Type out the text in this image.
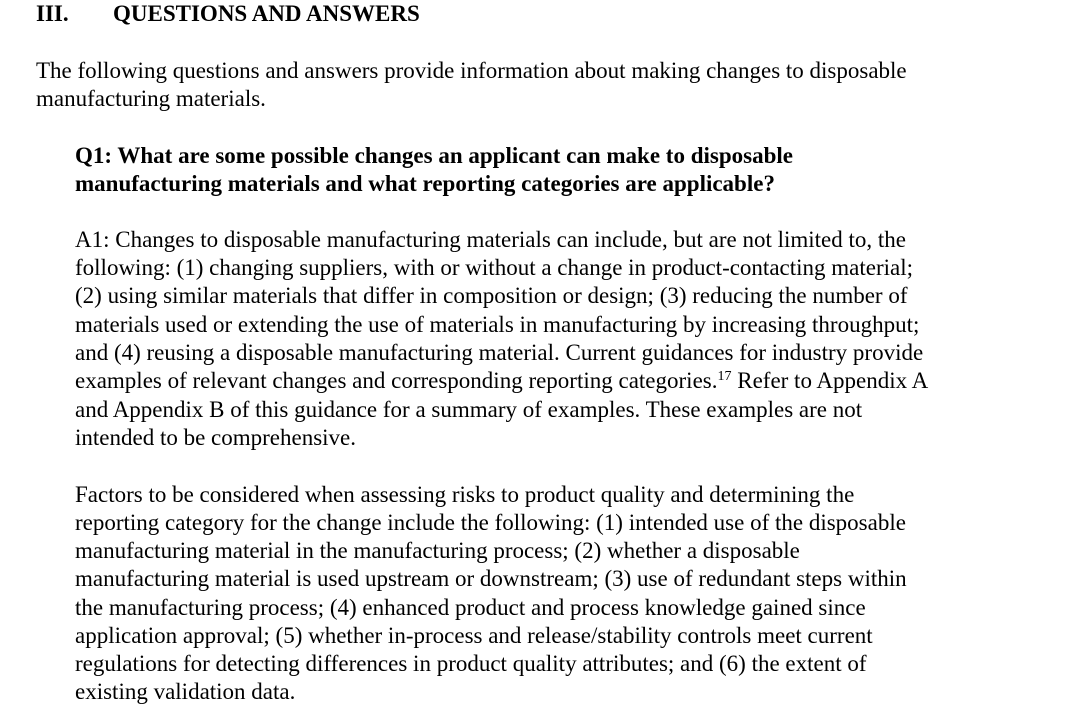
III. QUESTIONS AND ANSWERS
The following questions and answers provide information about making changes to disposable
manufacturing materials.
Q1: What are some possible changes an applicant can make to disposable
manufacturing materials and what reporting categories are applicable?
A1: Changes to disposable manufacturing materials can include, but are not limited to, the
following: (1) changing suppliers, with or without a change in product-contacting material;
(2) using similar materials that differ in composition or design; (3) reducing the number of
materials used or extending the use of materials in manufacturing by increasing throughput;
and (4) reusing a disposable manufacturing material. Current guidances for industry provide
examples of relevant changes and corresponding reporting categories.$^{17}$ Refer to Appendix A
and Appendix B of this guidance for a summary of examples. These examples are not
intended to be comprehensive.
Factors to be considered when assessing risks to product quality and determining the
reporting category for the change include the following: (1) intended use of the disposable
manufacturing material in the manufacturing process; (2) whether a disposable
manufacturing material is used upstream or downstream; (3) use of redundant steps within
the manufacturing process; (4) enhanced product and process knowledge gained since
application approval; (5) whether in-process and release/stability controls meet current
regulations for detecting differences in product quality attributes; and (6) the extent of
existing validation data.
